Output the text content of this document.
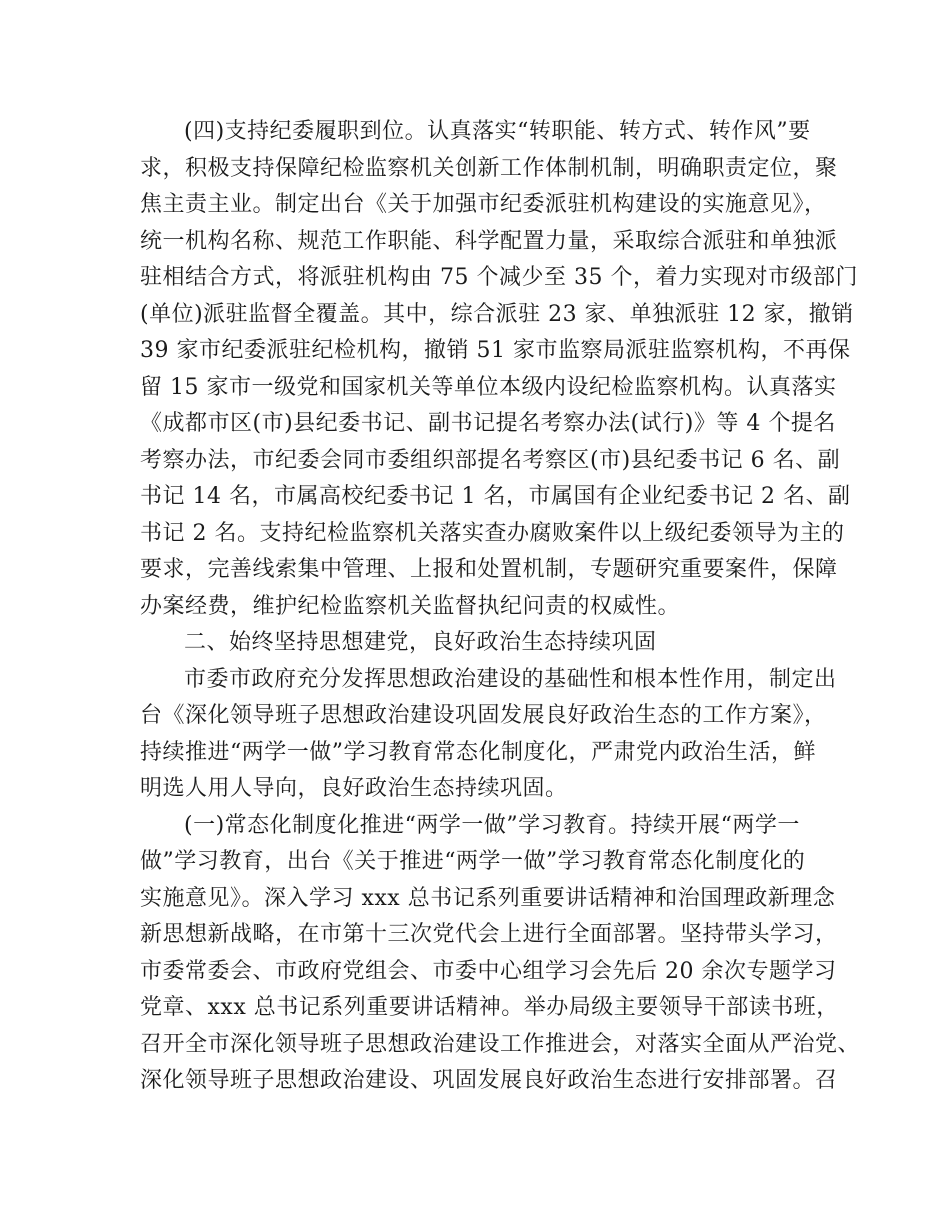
(四)支持纪委履职到位。认真落实“转职能、转方式、转作风”要
求，积极支持保障纪检监察机关创新工作体制机制，明确职责定位，聚
焦主责主业。制定出台《关于加强市纪委派驻机构建设的实施意见》，
统一机构名称、规范工作职能、科学配置力量，采取综合派驻和单独派
驻相结合方式，将派驻机构由 75 个减少至 35 个，着力实现对市级部门
(单位)派驻监督全覆盖。其中，综合派驻 23 家、单独派驻 12 家，撤销
39 家市纪委派驻纪检机构，撤销 51 家市监察局派驻监察机构，不再保
留 15 家市一级党和国家机关等单位本级内设纪检监察机构。认真落实
《成都市区(市)县纪委书记、副书记提名考察办法(试行)》等 4 个提名
考察办法，市纪委会同市委组织部提名考察区(市)县纪委书记 6 名、副
书记 14 名，市属高校纪委书记 1 名，市属国有企业纪委书记 2 名、副
书记 2 名。支持纪检监察机关落实查办腐败案件以上级纪委领导为主的
要求，完善线索集中管理、上报和处置机制，专题研究重要案件，保障
办案经费，维护纪检监察机关监督执纪问责的权威性。
二、始终坚持思想建党，良好政治生态持续巩固
市委市政府充分发挥思想政治建设的基础性和根本性作用，制定出
台《深化领导班子思想政治建设巩固发展良好政治生态的工作方案》，
持续推进“两学一做”学习教育常态化制度化，严肃党内政治生活，鲜
明选人用人导向，良好政治生态持续巩固。
(一)常态化制度化推进“两学一做”学习教育。持续开展“两学一
做”学习教育，出台《关于推进“两学一做”学习教育常态化制度化的
实施意见》。深入学习 xxx 总书记系列重要讲话精神和治国理政新理念
新思想新战略，在市第十三次党代会上进行全面部署。坚持带头学习，
市委常委会、市政府党组会、市委中心组学习会先后 20 余次专题学习
党章、xxx 总书记系列重要讲话精神。举办局级主要领导干部读书班，
召开全市深化领导班子思想政治建设工作推进会，对落实全面从严治党、
深化领导班子思想政治建设、巩固发展良好政治生态进行安排部署。召
